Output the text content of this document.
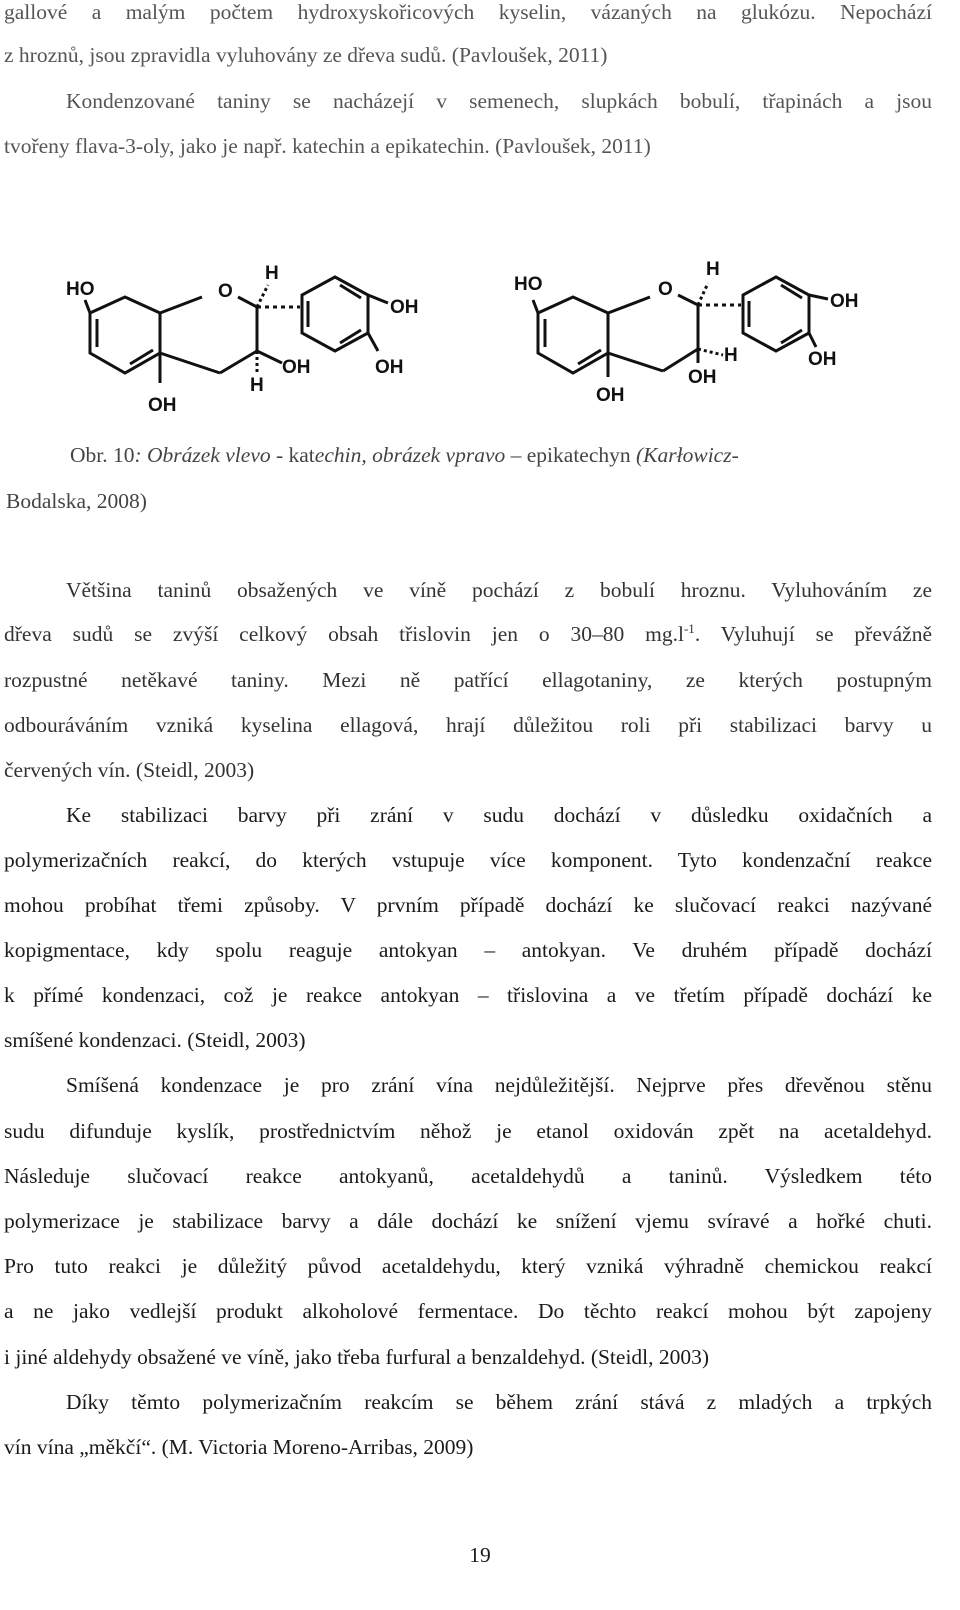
gallové a malým počtem hydroxyskořicových kyselin, vázaných na glukózu. Nepochází
z hroznů, jsou zpravidla vyluhovány ze dřeva sudů. (Pavloušek, 2011)
Kondenzované taniny se nacházejí v semenech, slupkách bobulí, třapinách a jsou
tvořeny flava-3-oly, jako je např. katechin a epikatechin. (Pavloušek, 2011)
HO
OH
O
H
H
OH
OH
OH
HO
OH
O
H
H
OH
OH
OH
Obr. 10: Obrázek vlevo - katechin, obrázek vpravo – epikatechyn (Karłowicz-
Bodalska, 2008)
Většina taninů obsažených ve víně pochází z bobulí hroznu. Vyluhováním ze
dřeva sudů se zvýší celkový obsah třislovin jen o 30–80 $mg.l^{-1}$. Vyluhují se převážně
rozpustné netěkavé taniny. Mezi ně patřící ellagotaniny, ze kterých postupným
odbouráváním vzniká kyselina ellagová, hrají důležitou roli při stabilizaci barvy u
červených vín. (Steidl, 2003)
Ke stabilizaci barvy při zrání v sudu dochází v důsledku oxidačních a
polymerizačních reakcí, do kterých vstupuje více komponent. Tyto kondenzační reakce
mohou probíhat třemi způsoby. V prvním případě dochází ke slučovací reakci nazývané
kopigmentace, kdy spolu reaguje antokyan – antokyan. Ve druhém případě dochází
k přímé kondenzaci, což je reakce antokyan – třislovina a ve třetím případě dochází ke
smíšené kondenzaci. (Steidl, 2003)
Smíšená kondenzace je pro zrání vína nejdůležitější. Nejprve přes dřevěnou stěnu
sudu difunduje kyslík, prostřednictvím něhož je etanol oxidován zpět na acetaldehyd.
Následuje slučovací reakce antokyanů, acetaldehydů a taninů. Výsledkem této
polymerizace je stabilizace barvy a dále dochází ke snížení vjemu svíravé a hořké chuti.
Pro tuto reakci je důležitý původ acetaldehydu, který vzniká výhradně chemickou reakcí
a ne jako vedlejší produkt alkoholové fermentace. Do těchto reakcí mohou být zapojeny
i jiné aldehydy obsažené ve víně, jako třeba furfural a benzaldehyd. (Steidl, 2003)
Díky těmto polymerizačním reakcím se během zrání stává z mladých a trpkých
vín vína „měkčí“. (M. Victoria Moreno-Arribas, 2009)
19
